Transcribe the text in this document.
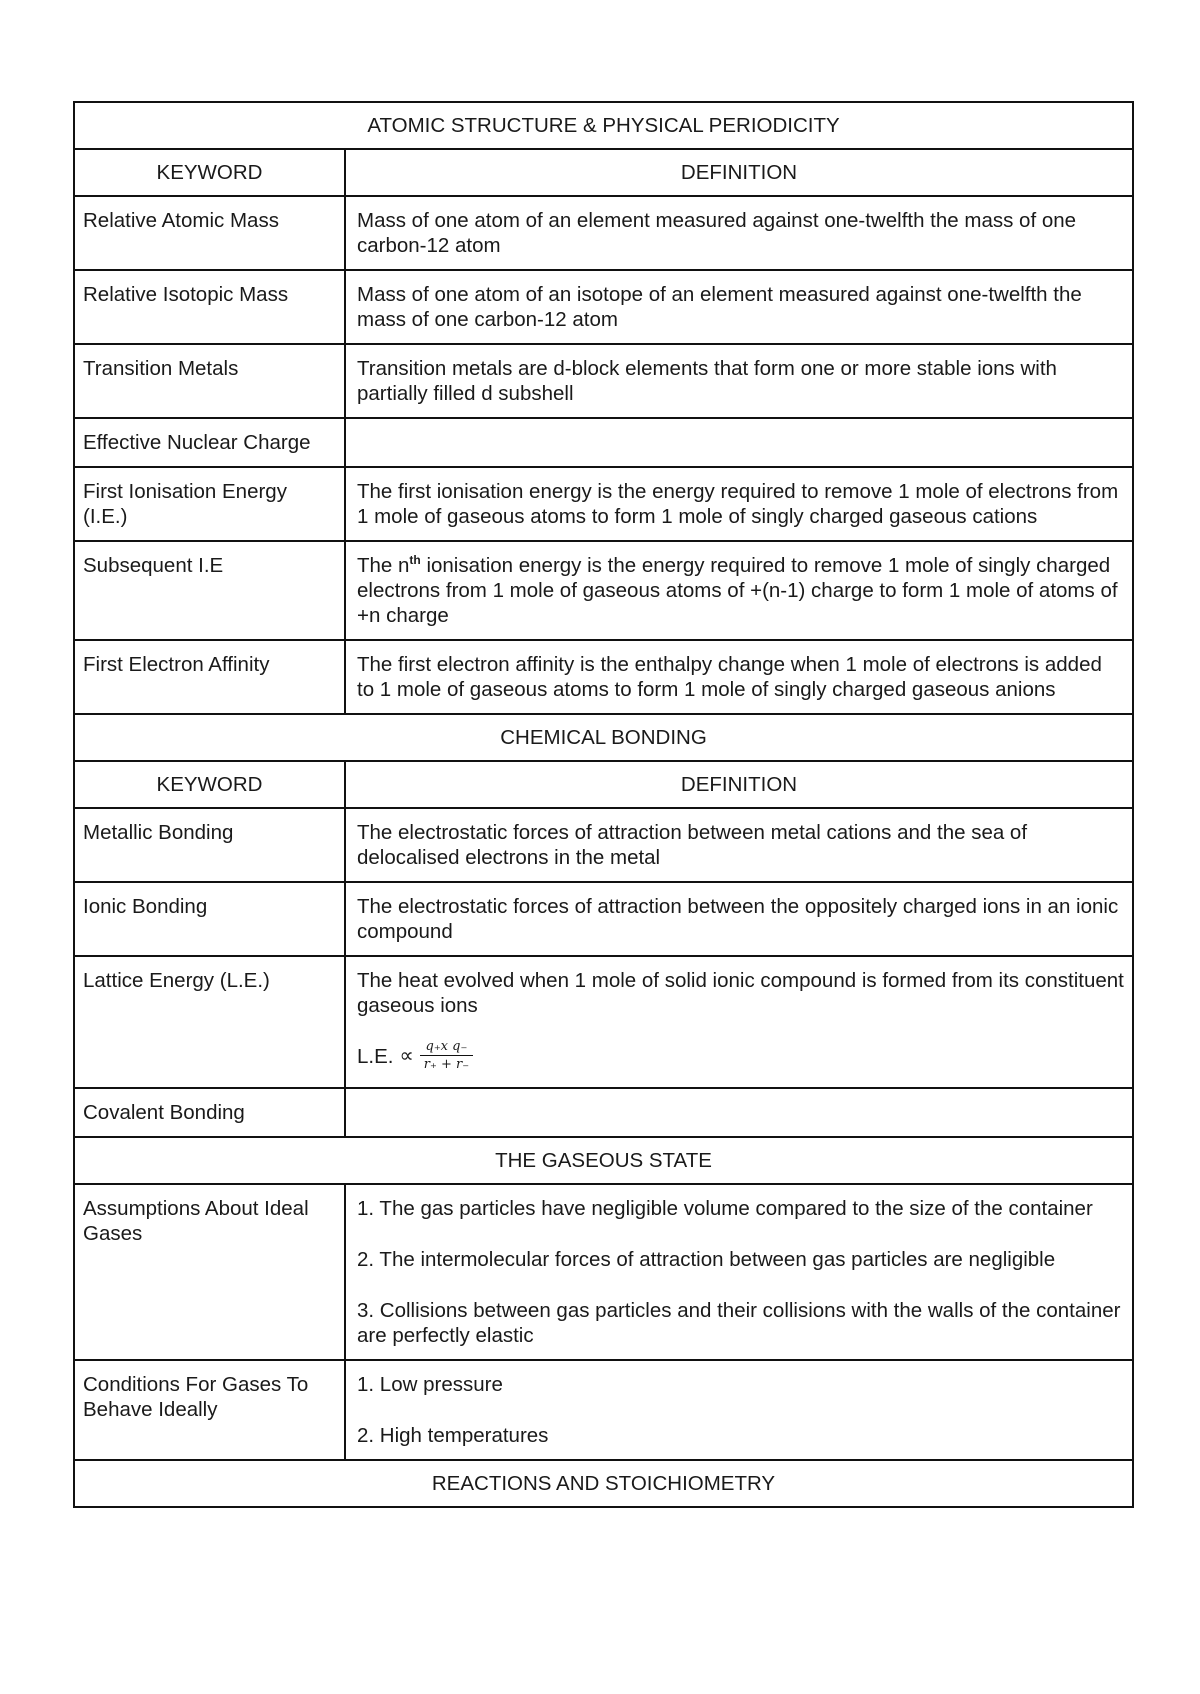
ATOMIC STRUCTURE & PHYSICAL PERIODICITY	
KEYWORD	DEFINITION
Relative Atomic Mass	Mass of one atom of an element measured against one-twelfth the mass of one carbon-12 atom
Relative Isotopic Mass	Mass of one atom of an isotope of an element measured against one-twelfth the mass of one carbon-12 atom
Transition Metals	Transition metals are d-block elements that form one or more stable ions with partially filled d subshell
Effective Nuclear Charge	
First Ionisation Energy (I.E.)	The first ionisation energy is the energy required to remove 1 mole of electrons from 1 mole of gaseous atoms to form 1 mole of singly charged gaseous cations
Subsequent I.E	The $n^{th}$ ionisation energy is the energy required to remove 1 mole of singly charged electrons from 1 mole of gaseous atoms of +(n-1) charge to form 1 mole of atoms of +n charge
First Electron Affinity	The first electron affinity is the enthalpy change when 1 mole of electrons is added to 1 mole of gaseous atoms to form 1 mole of singly charged gaseous anions
CHEMICAL BONDING	
KEYWORD	DEFINITION
Metallic Bonding	The electrostatic forces of attraction between metal cations and the sea of delocalised electrons in the metal
Ionic Bonding	The electrostatic forces of attraction between the oppositely charged ions in an ionic compound
Lattice Energy (L.E.)	The heat evolved when 1 mole of solid ionic compound is formed from its constituent gaseous ions
L.E. ∝ $\frac{\text{q₊x q₋}}{r_+ + r_-}$

Covalent Bonding	
THE GASEOUS STATE	
Assumptions About Ideal Gases	1. The gas particles have negligible volume compared to the size of the container
2. The intermolecular forces of attraction between gas particles are negligible
3. Collisions between gas particles and their collisions with the walls of the container are perfectly elastic

Conditions For Gases To Behave Ideally	1. Low pressure
2. High temperatures

REACTIONS AND STOICHIOMETRY	
